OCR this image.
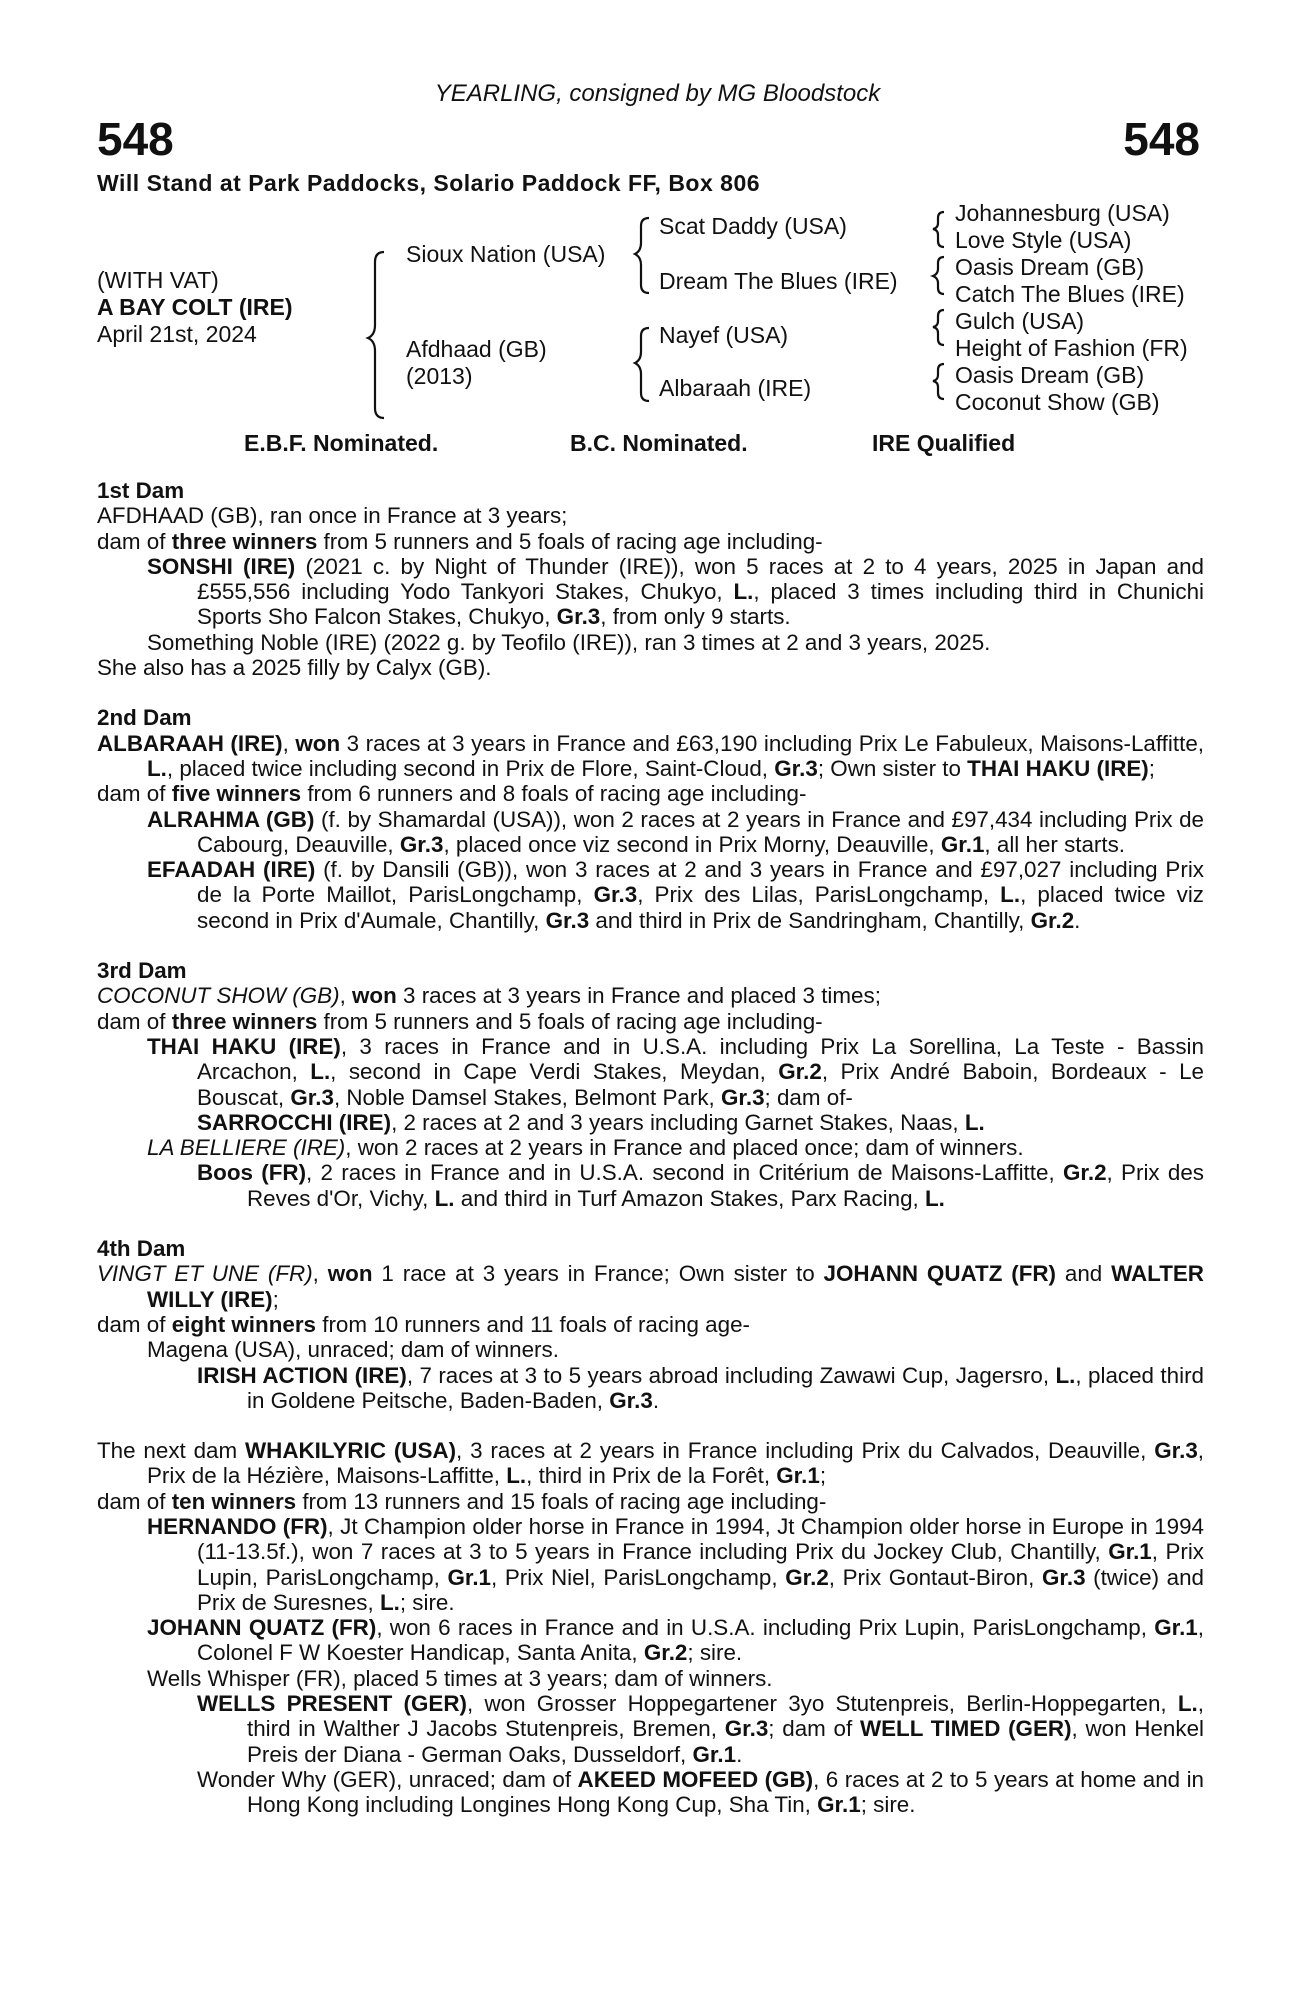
YEARLING, consigned by MG Bloodstock
548	548
Will Stand at Park Paddocks, Solario Paddock FF, Box 806
(WITH VAT)
A BAY COLT (IRE)
April 21st, 2024
Sioux Nation (USA)
Afdhaad (GB)
(2013)
Scat Daddy (USA)
Dream The Blues (IRE)
Nayef (USA)
Albaraah (IRE)
Johannesburg (USA)
Love Style (USA)
Oasis Dream (GB)
Catch The Blues (IRE)
Gulch (USA)
Height of Fashion (FR)
Oasis Dream (GB)
Coconut Show (GB)
E.B.F. Nominated.	B.C. Nominated.	IRE Qualified
1st Dam
AFDHAAD (GB), ran once in France at 3 years;
dam of three winners from 5 runners and 5 foals of racing age including-
SONSHI (IRE) (2021 c. by Night of Thunder (IRE)), won 5 races at 2 to 4 years, 2025 in Japan and £555,556 including Yodo Tankyori Stakes, Chukyo, L., placed 3 times including third in Chunichi Sports Sho Falcon Stakes, Chukyo, Gr.3, from only 9 starts.
Something Noble (IRE) (2022 g. by Teofilo (IRE)), ran 3 times at 2 and 3 years, 2025.
She also has a 2025 filly by Calyx (GB).
2nd Dam
ALBARAAH (IRE), won 3 races at 3 years in France and £63,190 including Prix Le Fabuleux, Maisons-Laffitte, L., placed twice including second in Prix de Flore, Saint-Cloud, Gr.3; Own sister to THAI HAKU (IRE);
dam of five winners from 6 runners and 8 foals of racing age including-
ALRAHMA (GB) (f. by Shamardal (USA)), won 2 races at 2 years in France and £97,434 including Prix de Cabourg, Deauville, Gr.3, placed once viz second in Prix Morny, Deauville, Gr.1, all her starts.
EFAADAH (IRE) (f. by Dansili (GB)), won 3 races at 2 and 3 years in France and £97,027 including Prix de la Porte Maillot, ParisLongchamp, Gr.3, Prix des Lilas, ParisLongchamp, L., placed twice viz second in Prix d'Aumale, Chantilly, Gr.3 and third in Prix de Sandringham, Chantilly, Gr.2.
3rd Dam
COCONUT SHOW (GB), won 3 races at 3 years in France and placed 3 times;
dam of three winners from 5 runners and 5 foals of racing age including-
THAI HAKU (IRE), 3 races in France and in U.S.A. including Prix La Sorellina, La Teste - Bassin Arcachon, L., second in Cape Verdi Stakes, Meydan, Gr.2, Prix André Baboin, Bordeaux - Le Bouscat, Gr.3, Noble Damsel Stakes, Belmont Park, Gr.3; dam of-
SARROCCHI (IRE), 2 races at 2 and 3 years including Garnet Stakes, Naas, L.
LA BELLIERE (IRE), won 2 races at 2 years in France and placed once; dam of winners.
Boos (FR), 2 races in France and in U.S.A. second in Critérium de Maisons-Laffitte, Gr.2, Prix des Reves d'Or, Vichy, L. and third in Turf Amazon Stakes, Parx Racing, L.
4th Dam
VINGT ET UNE (FR), won 1 race at 3 years in France; Own sister to JOHANN QUATZ (FR) and WALTER WILLY (IRE);
dam of eight winners from 10 runners and 11 foals of racing age-
Magena (USA), unraced; dam of winners.
IRISH ACTION (IRE), 7 races at 3 to 5 years abroad including Zawawi Cup, Jagersro, L., placed third in Goldene Peitsche, Baden-Baden, Gr.3.
The next dam WHAKILYRIC (USA), 3 races at 2 years in France including Prix du Calvados, Deauville, Gr.3, Prix de la Hézière, Maisons-Laffitte, L., third in Prix de la Forêt, Gr.1;
dam of ten winners from 13 runners and 15 foals of racing age including-
HERNANDO (FR), Jt Champion older horse in France in 1994, Jt Champion older horse in Europe in 1994 (11-13.5f.), won 7 races at 3 to 5 years in France including Prix du Jockey Club, Chantilly, Gr.1, Prix Lupin, ParisLongchamp, Gr.1, Prix Niel, ParisLongchamp, Gr.2, Prix Gontaut-Biron, Gr.3 (twice) and Prix de Suresnes, L.; sire.
JOHANN QUATZ (FR), won 6 races in France and in U.S.A. including Prix Lupin, ParisLongchamp, Gr.1, Colonel F W Koester Handicap, Santa Anita, Gr.2; sire.
Wells Whisper (FR), placed 5 times at 3 years; dam of winners.
WELLS PRESENT (GER), won Grosser Hoppegartener 3yo Stutenpreis, Berlin-Hoppegarten, L., third in Walther J Jacobs Stutenpreis, Bremen, Gr.3; dam of WELL TIMED (GER), won Henkel Preis der Diana - German Oaks, Dusseldorf, Gr.1.
Wonder Why (GER), unraced; dam of AKEED MOFEED (GB), 6 races at 2 to 5 years at home and in Hong Kong including Longines Hong Kong Cup, Sha Tin, Gr.1; sire.
